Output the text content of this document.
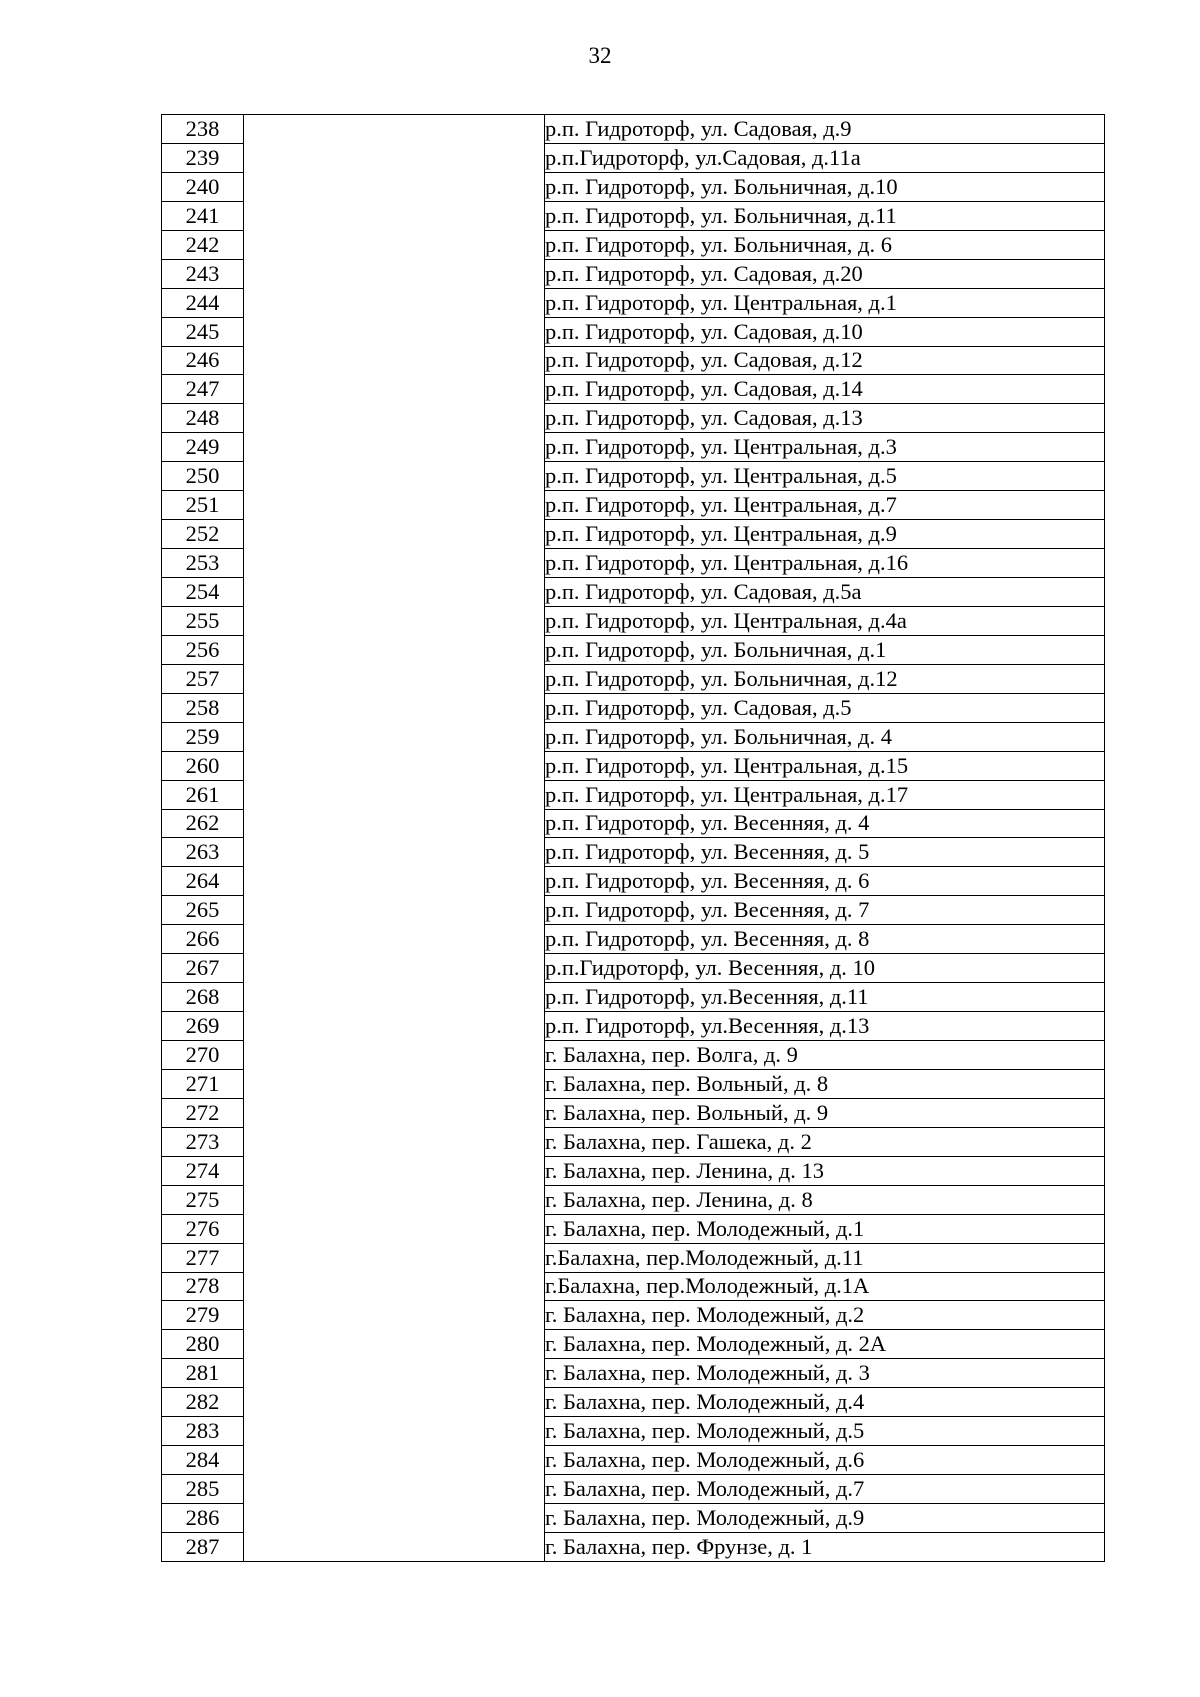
32
238		р.п. Гидроторф, ул. Садовая, д.9
239		р.п.Гидроторф, ул.Садовая, д.11а
240		р.п. Гидроторф, ул. Больничная, д.10
241		р.п. Гидроторф, ул. Больничная, д.11
242		р.п. Гидроторф, ул. Больничная, д. 6
243		р.п. Гидроторф, ул. Садовая, д.20
244		р.п. Гидроторф, ул. Центральная, д.1
245		р.п. Гидроторф, ул. Садовая, д.10
246		р.п. Гидроторф, ул. Садовая, д.12
247		р.п. Гидроторф, ул. Садовая, д.14
248		р.п. Гидроторф, ул. Садовая, д.13
249		р.п. Гидроторф, ул. Центральная, д.3
250		р.п. Гидроторф, ул. Центральная, д.5
251		р.п. Гидроторф, ул. Центральная, д.7
252		р.п. Гидроторф, ул. Центральная, д.9
253		р.п. Гидроторф, ул. Центральная, д.16
254		р.п. Гидроторф, ул. Садовая, д.5а
255		р.п. Гидроторф, ул. Центральная, д.4а
256		р.п. Гидроторф, ул. Больничная, д.1
257		р.п. Гидроторф, ул. Больничная, д.12
258		р.п. Гидроторф, ул. Садовая, д.5
259		р.п. Гидроторф, ул. Больничная, д. 4
260		р.п. Гидроторф, ул. Центральная, д.15
261		р.п. Гидроторф, ул. Центральная, д.17
262		р.п. Гидроторф, ул. Весенняя, д. 4
263		р.п. Гидроторф, ул. Весенняя, д. 5
264		р.п. Гидроторф, ул. Весенняя, д. 6
265		р.п. Гидроторф, ул. Весенняя, д. 7
266		р.п. Гидроторф, ул. Весенняя, д. 8
267		р.п.Гидроторф, ул. Весенняя, д. 10
268		р.п. Гидроторф, ул.Весенняя, д.11
269		р.п. Гидроторф, ул.Весенняя, д.13
270		г. Балахна, пер. Волга, д. 9
271		г. Балахна, пер. Вольный, д. 8
272		г. Балахна, пер. Вольный, д. 9
273		г. Балахна, пер. Гашека, д. 2
274		г. Балахна, пер. Ленина, д. 13
275		г. Балахна, пер. Ленина, д. 8
276		г. Балахна, пер. Молодежный, д.1
277		г.Балахна, пер.Молодежный, д.11
278		г.Балахна, пер.Молодежный, д.1А
279		г. Балахна, пер. Молодежный, д.2
280		г. Балахна, пер. Молодежный, д. 2А
281		г. Балахна, пер. Молодежный, д. 3
282		г. Балахна, пер. Молодежный, д.4
283		г. Балахна, пер. Молодежный, д.5
284		г. Балахна, пер. Молодежный, д.6
285		г. Балахна, пер. Молодежный, д.7
286		г. Балахна, пер. Молодежный, д.9
287		г. Балахна, пер. Фрунзе, д. 1
